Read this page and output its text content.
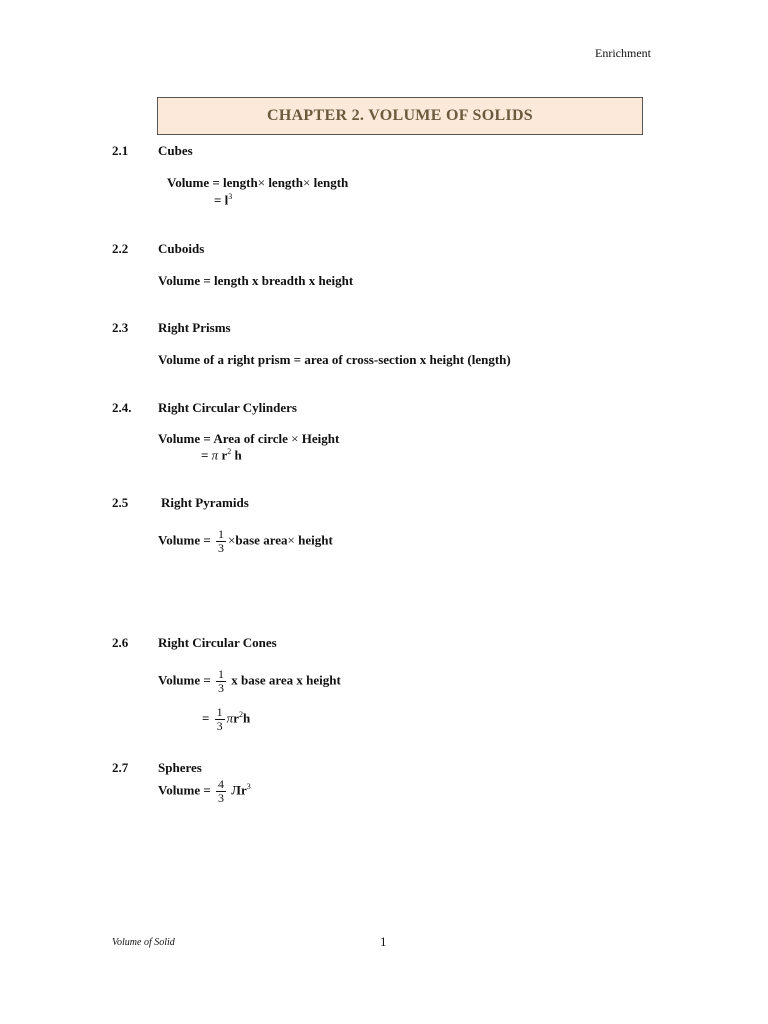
Enrichment
CHAPTER 2. VOLUME OF SOLIDS
2.1 Cubes
Volume = length× length× length
= $l^3$
2.2 Cuboids
Volume = length x breadth x height
2.3 Right Prisms
Volume of a right prism = area of cross-section x height (length)
2.4. Right Circular Cylinders
Volume = Area of circle × Height
= π $r^2$ h
2.5	Right Pyramids
Volume = $\frac{1}{3}$ ×base area× height
2.6 Right Circular Cones
Volume = $\frac{1}{3}$ x base area x height
= $\frac{1}{3} \pi r^2h$
2.7 Spheres
Volume = $\frac{4}{3} Лr^3$
Volume of Solid	1
